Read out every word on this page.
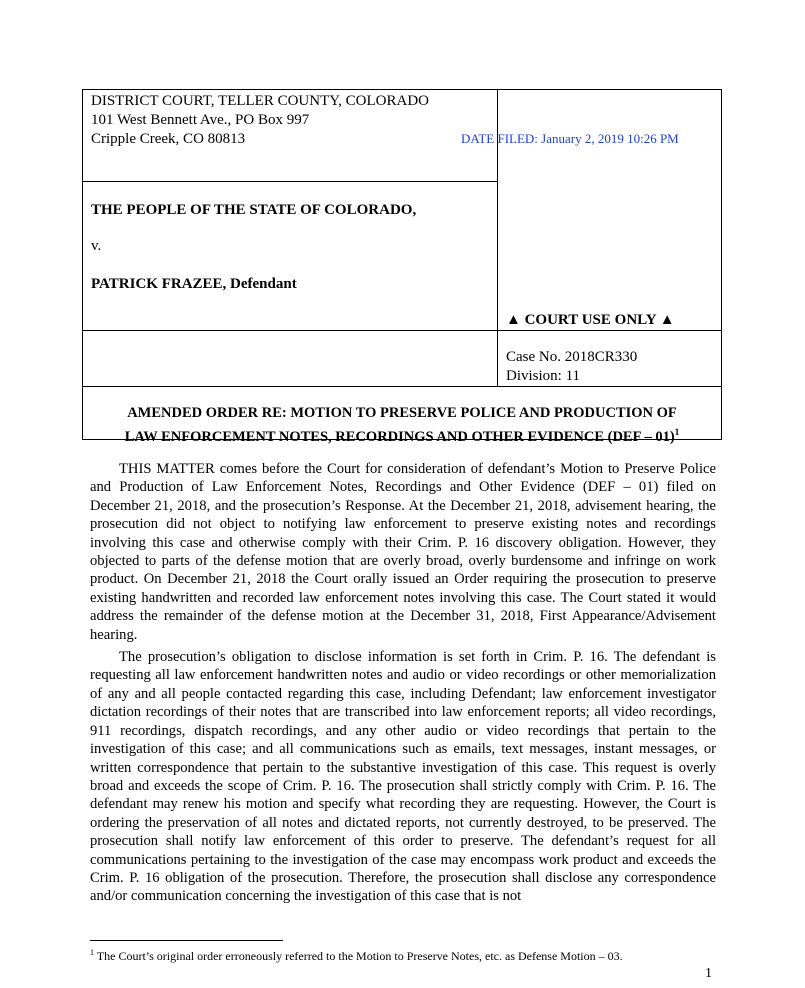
DISTRICT COURT, TELLER COUNTY, COLORADO
101 West Bennett Ave., PO Box 997
Cripple Creek, CO 80813	DATE FILED: January 2, 2019 10:26 PM
THE PEOPLE OF THE STATE OF COLORADO,
v.
PATRICK FRAZEE, Defendant
▲ COURT USE ONLY ▲
Case No. 2018CR330
Division: 11
AMENDED ORDER RE: MOTION TO PRESERVE POLICE AND PRODUCTION OF
LAW ENFORCEMENT NOTES, RECORDINGS AND OTHER EVIDENCE (DEF – 01)$^1$

THIS MATTER comes before the Court for consideration of defendant’s Motion to Preserve Police and Production of Law Enforcement Notes, Recordings and Other Evidence (DEF – 01) filed on December 21, 2018, and the prosecution’s Response. At the December 21, 2018, advisement hearing, the prosecution did not object to notifying law enforcement to preserve existing notes and recordings involving this case and otherwise comply with their Crim. P. 16 discovery obligation. However, they objected to parts of the defense motion that are overly broad, overly burdensome and infringe on work product. On December 21, 2018 the Court orally issued an Order requiring the prosecution to preserve existing handwritten and recorded law enforcement notes involving this case. The Court stated it would address the remainder of the defense motion at the December 31, 2018, First Appearance/Advisement hearing.

The prosecution’s obligation to disclose information is set forth in Crim. P. 16. The defendant is requesting all law enforcement handwritten notes and audio or video recordings or other memorialization of any and all people contacted regarding this case, including Defendant; law enforcement investigator dictation recordings of their notes that are transcribed into law enforcement reports; all video recordings, 911 recordings, dispatch recordings, and any other audio or video recordings that pertain to the investigation of this case; and all communications such as emails, text messages, instant messages, or written correspondence that pertain to the substantive investigation of this case. This request is overly broad and exceeds the scope of Crim. P. 16. The prosecution shall strictly comply with Crim. P. 16. The defendant may renew his motion and specify what recording they are requesting. However, the Court is ordering the preservation of all notes and dictated reports, not currently destroyed, to be preserved. The prosecution shall notify law enforcement of this order to preserve. The defendant’s request for all communications pertaining to the investigation of the case may encompass work product and exceeds the Crim. P. 16 obligation of the prosecution. Therefore, the prosecution shall disclose any correspondence and/or communication concerning the investigation of this case that is not

$^1$ The Court’s original order erroneously referred to the Motion to Preserve Notes, etc. as Defense Motion – 03.
1
